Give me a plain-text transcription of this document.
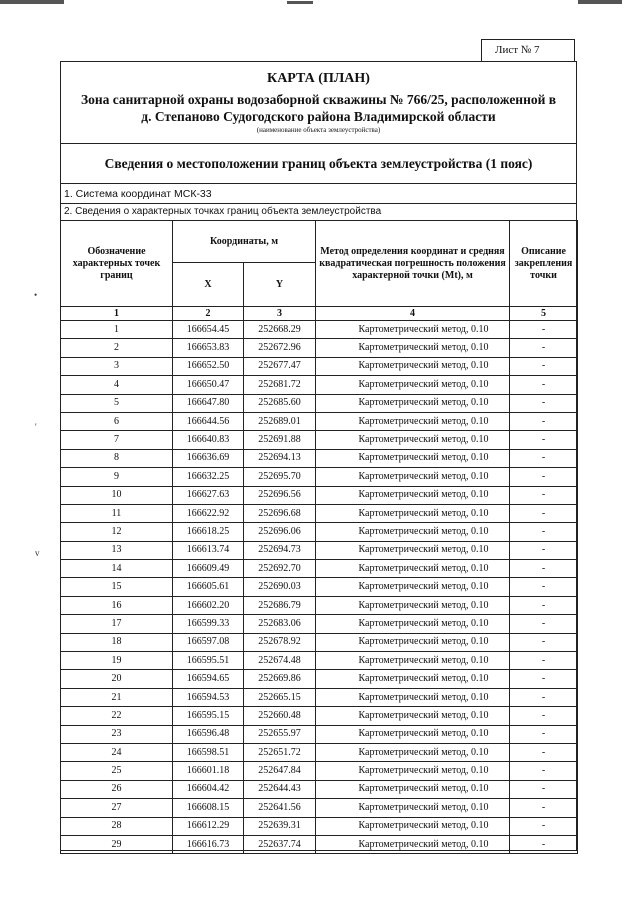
•
'
v
Лист № 7
КАРТА (ПЛАН)
Зона санитарной охраны водозаборной скважины № 766/25, расположенной в
д. Степаново Судогодского района Владимирской области
(наименование объекта землеустройства)
Сведения о местоположении границ объекта землеустройства (1 пояс)
1. Система координат МСК-33
2. Сведения о характерных точках границ объекта землеустройства
Обозначение характерных точек границ	Координаты, м		Метод определения координат и средняя квадратическая погрешность положения характерной точки (Mt), м	Описание закрепления точки
	X	Y		
1	2	3	4	5
1	166654.45	252668.29	Картометрический метод, 0.10	-
2	166653.83	252672.96	Картометрический метод, 0.10	-
3	166652.50	252677.47	Картометрический метод, 0.10	-
4	166650.47	252681.72	Картометрический метод, 0.10	-
5	166647.80	252685.60	Картометрический метод, 0.10	-
6	166644.56	252689.01	Картометрический метод, 0.10	-
7	166640.83	252691.88	Картометрический метод, 0.10	-
8	166636.69	252694.13	Картометрический метод, 0.10	-
9	166632.25	252695.70	Картометрический метод, 0.10	-
10	166627.63	252696.56	Картометрический метод, 0.10	-
11	166622.92	252696.68	Картометрический метод, 0.10	-
12	166618.25	252696.06	Картометрический метод, 0.10	-
13	166613.74	252694.73	Картометрический метод, 0.10	-
14	166609.49	252692.70	Картометрический метод, 0.10	-
15	166605.61	252690.03	Картометрический метод, 0.10	-
16	166602.20	252686.79	Картометрический метод, 0.10	-
17	166599.33	252683.06	Картометрический метод, 0.10	-
18	166597.08	252678.92	Картометрический метод, 0.10	-
19	166595.51	252674.48	Картометрический метод, 0.10	-
20	166594.65	252669.86	Картометрический метод, 0.10	-
21	166594.53	252665.15	Картометрический метод, 0.10	-
22	166595.15	252660.48	Картометрический метод, 0.10	-
23	166596.48	252655.97	Картометрический метод, 0.10	-
24	166598.51	252651.72	Картометрический метод, 0.10	-
25	166601.18	252647.84	Картометрический метод, 0.10	-
26	166604.42	252644.43	Картометрический метод, 0.10	-
27	166608.15	252641.56	Картометрический метод, 0.10	-
28	166612.29	252639.31	Картометрический метод, 0.10	-
29	166616.73	252637.74	Картометрический метод, 0.10	-
